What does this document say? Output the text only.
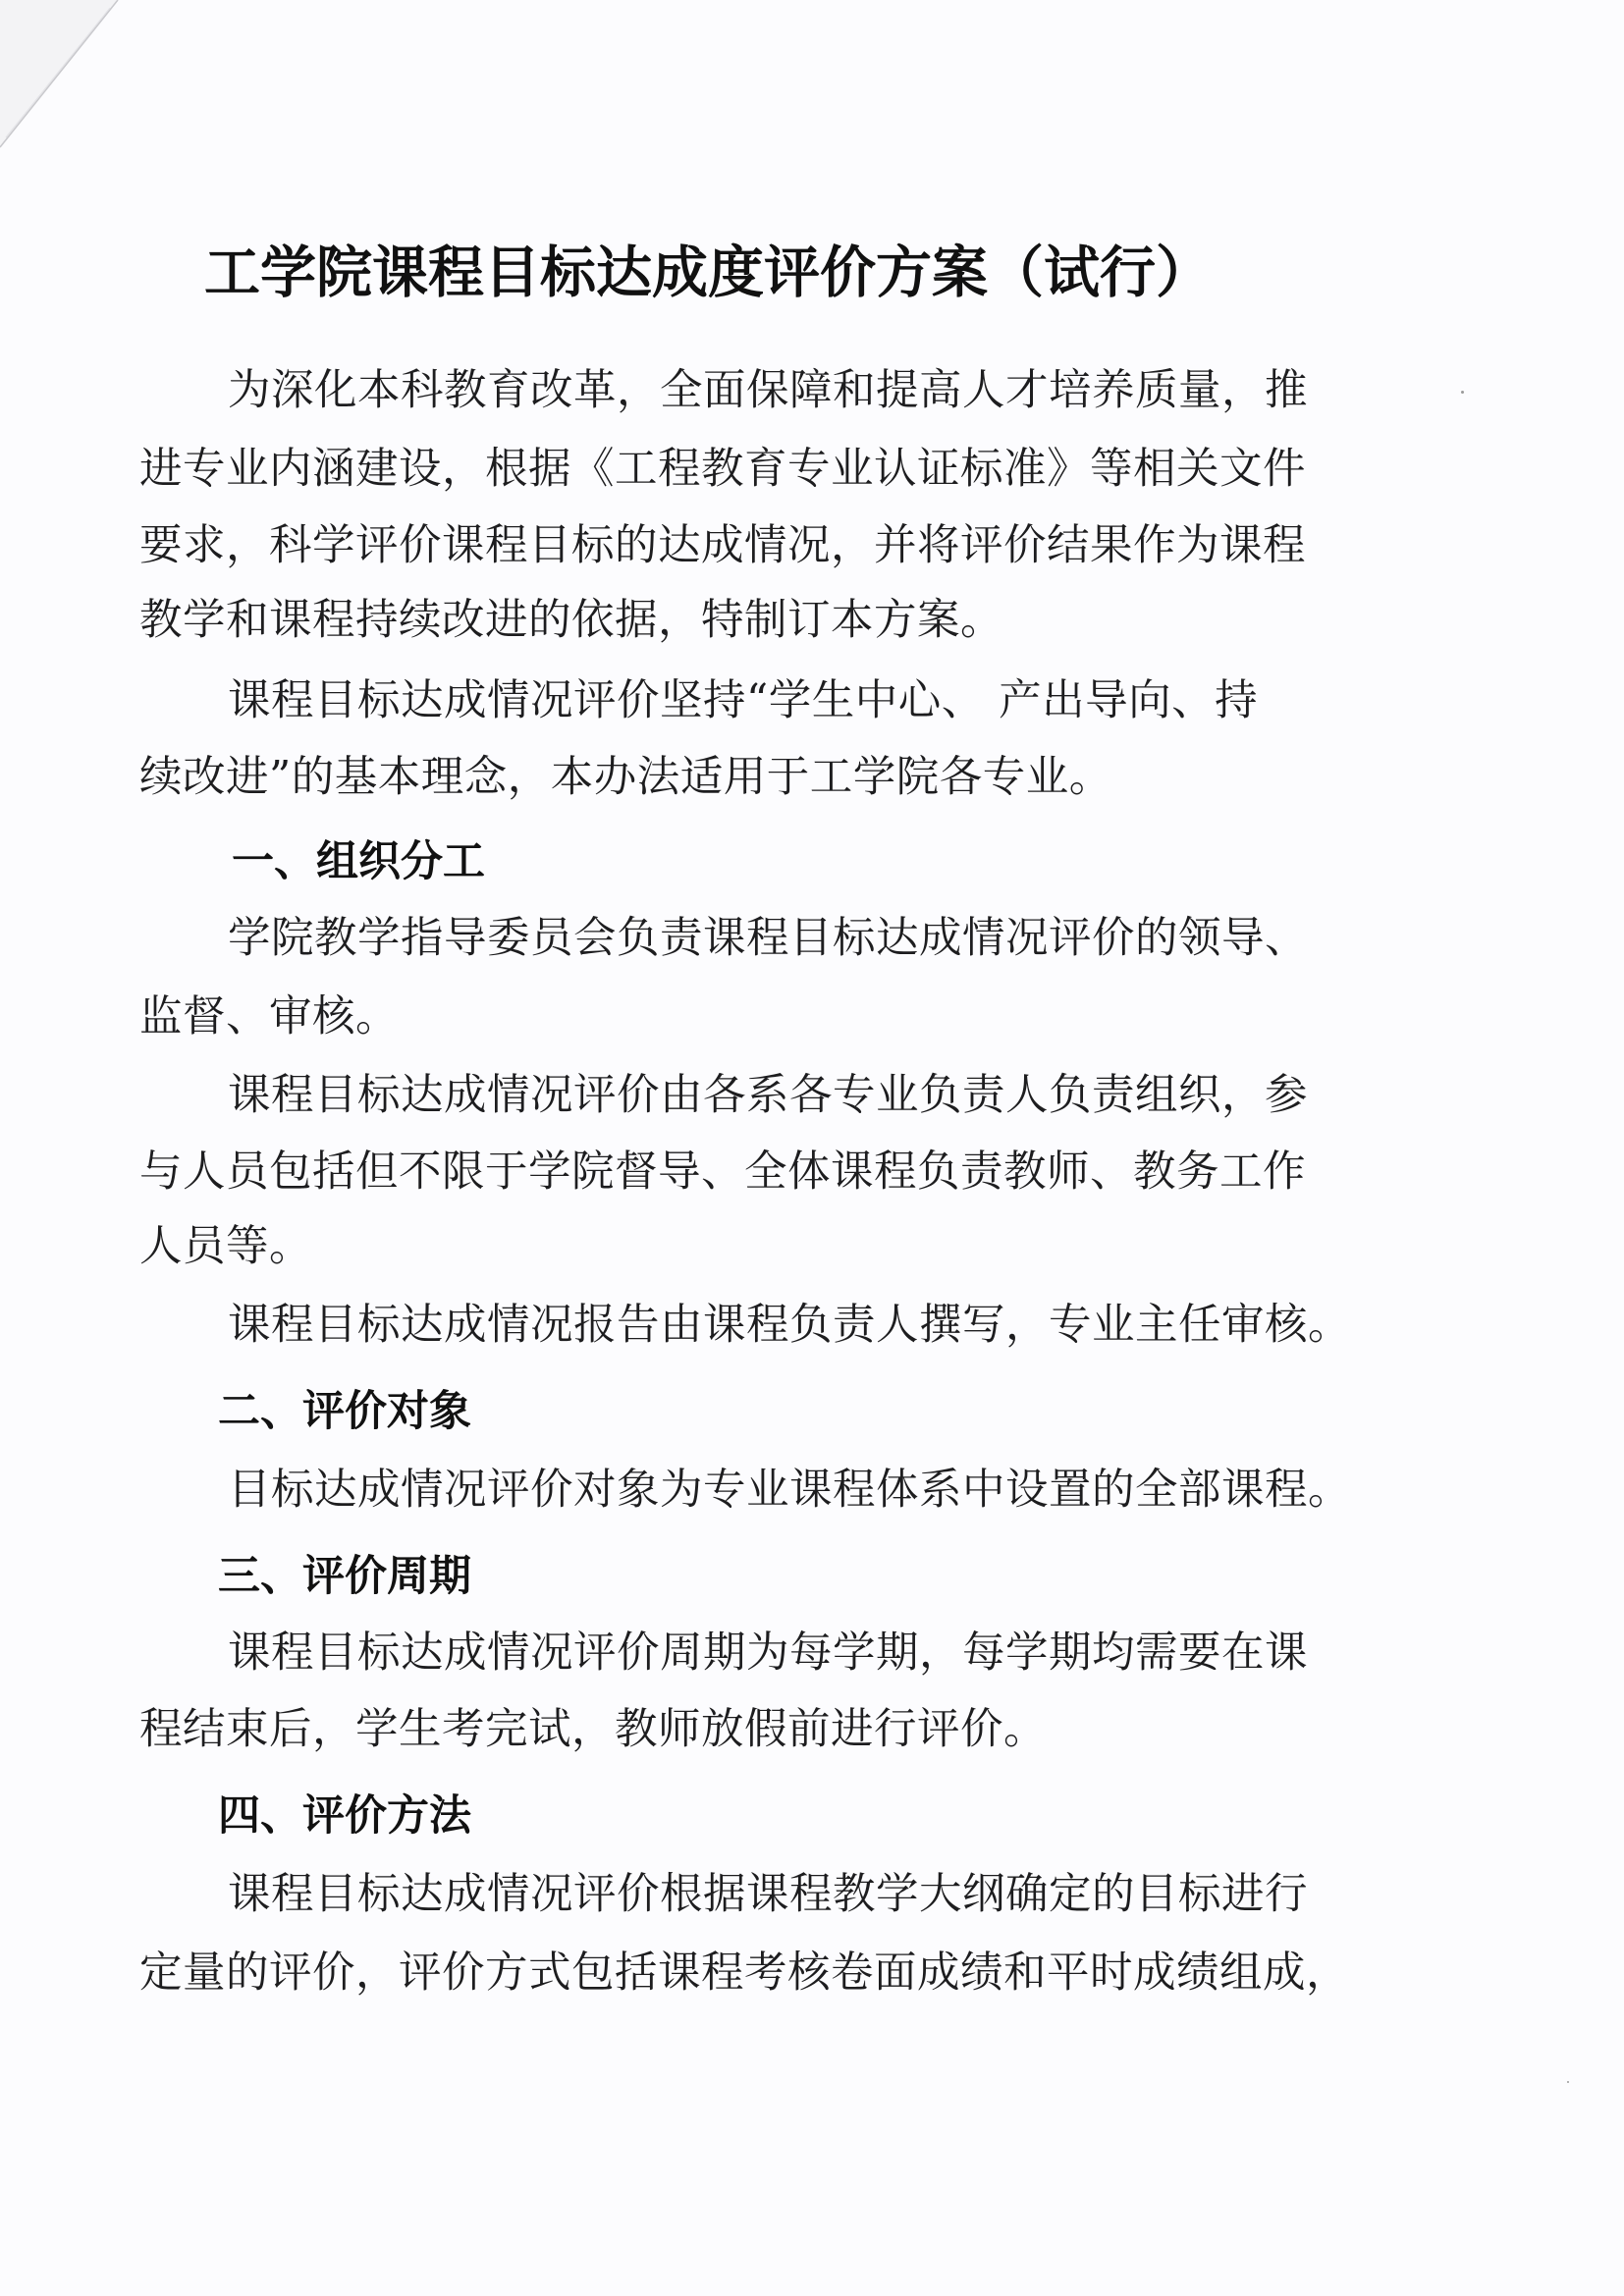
工学院课程目标达成度评价方案（试行）
为深化本科教育改革，全面保障和提高人才培养质量，推
进专业内涵建设，根据《工程教育专业认证标准》等相关文件
要求，科学评价课程目标的达成情况，并将评价结果作为课程
教学和课程持续改进的依据，特制订本方案。
课程目标达成情况评价坚持“学生中心、 产出导向、持
续改进”的基本理念，本办法适用于工学院各专业。
一、组织分工
学院教学指导委员会负责课程目标达成情况评价的领导、
监督、审核。
课程目标达成情况评价由各系各专业负责人负责组织，参
与人员包括但不限于学院督导、全体课程负责教师、教务工作
人员等。
课程目标达成情况报告由课程负责人撰写，专业主任审核。
二、评价对象
目标达成情况评价对象为专业课程体系中设置的全部课程。
三、评价周期
课程目标达成情况评价周期为每学期，每学期均需要在课
程结束后，学生考完试，教师放假前进行评价。
四、评价方法
课程目标达成情况评价根据课程教学大纲确定的目标进行
定量的评价，评价方式包括课程考核卷面成绩和平时成绩组成，
